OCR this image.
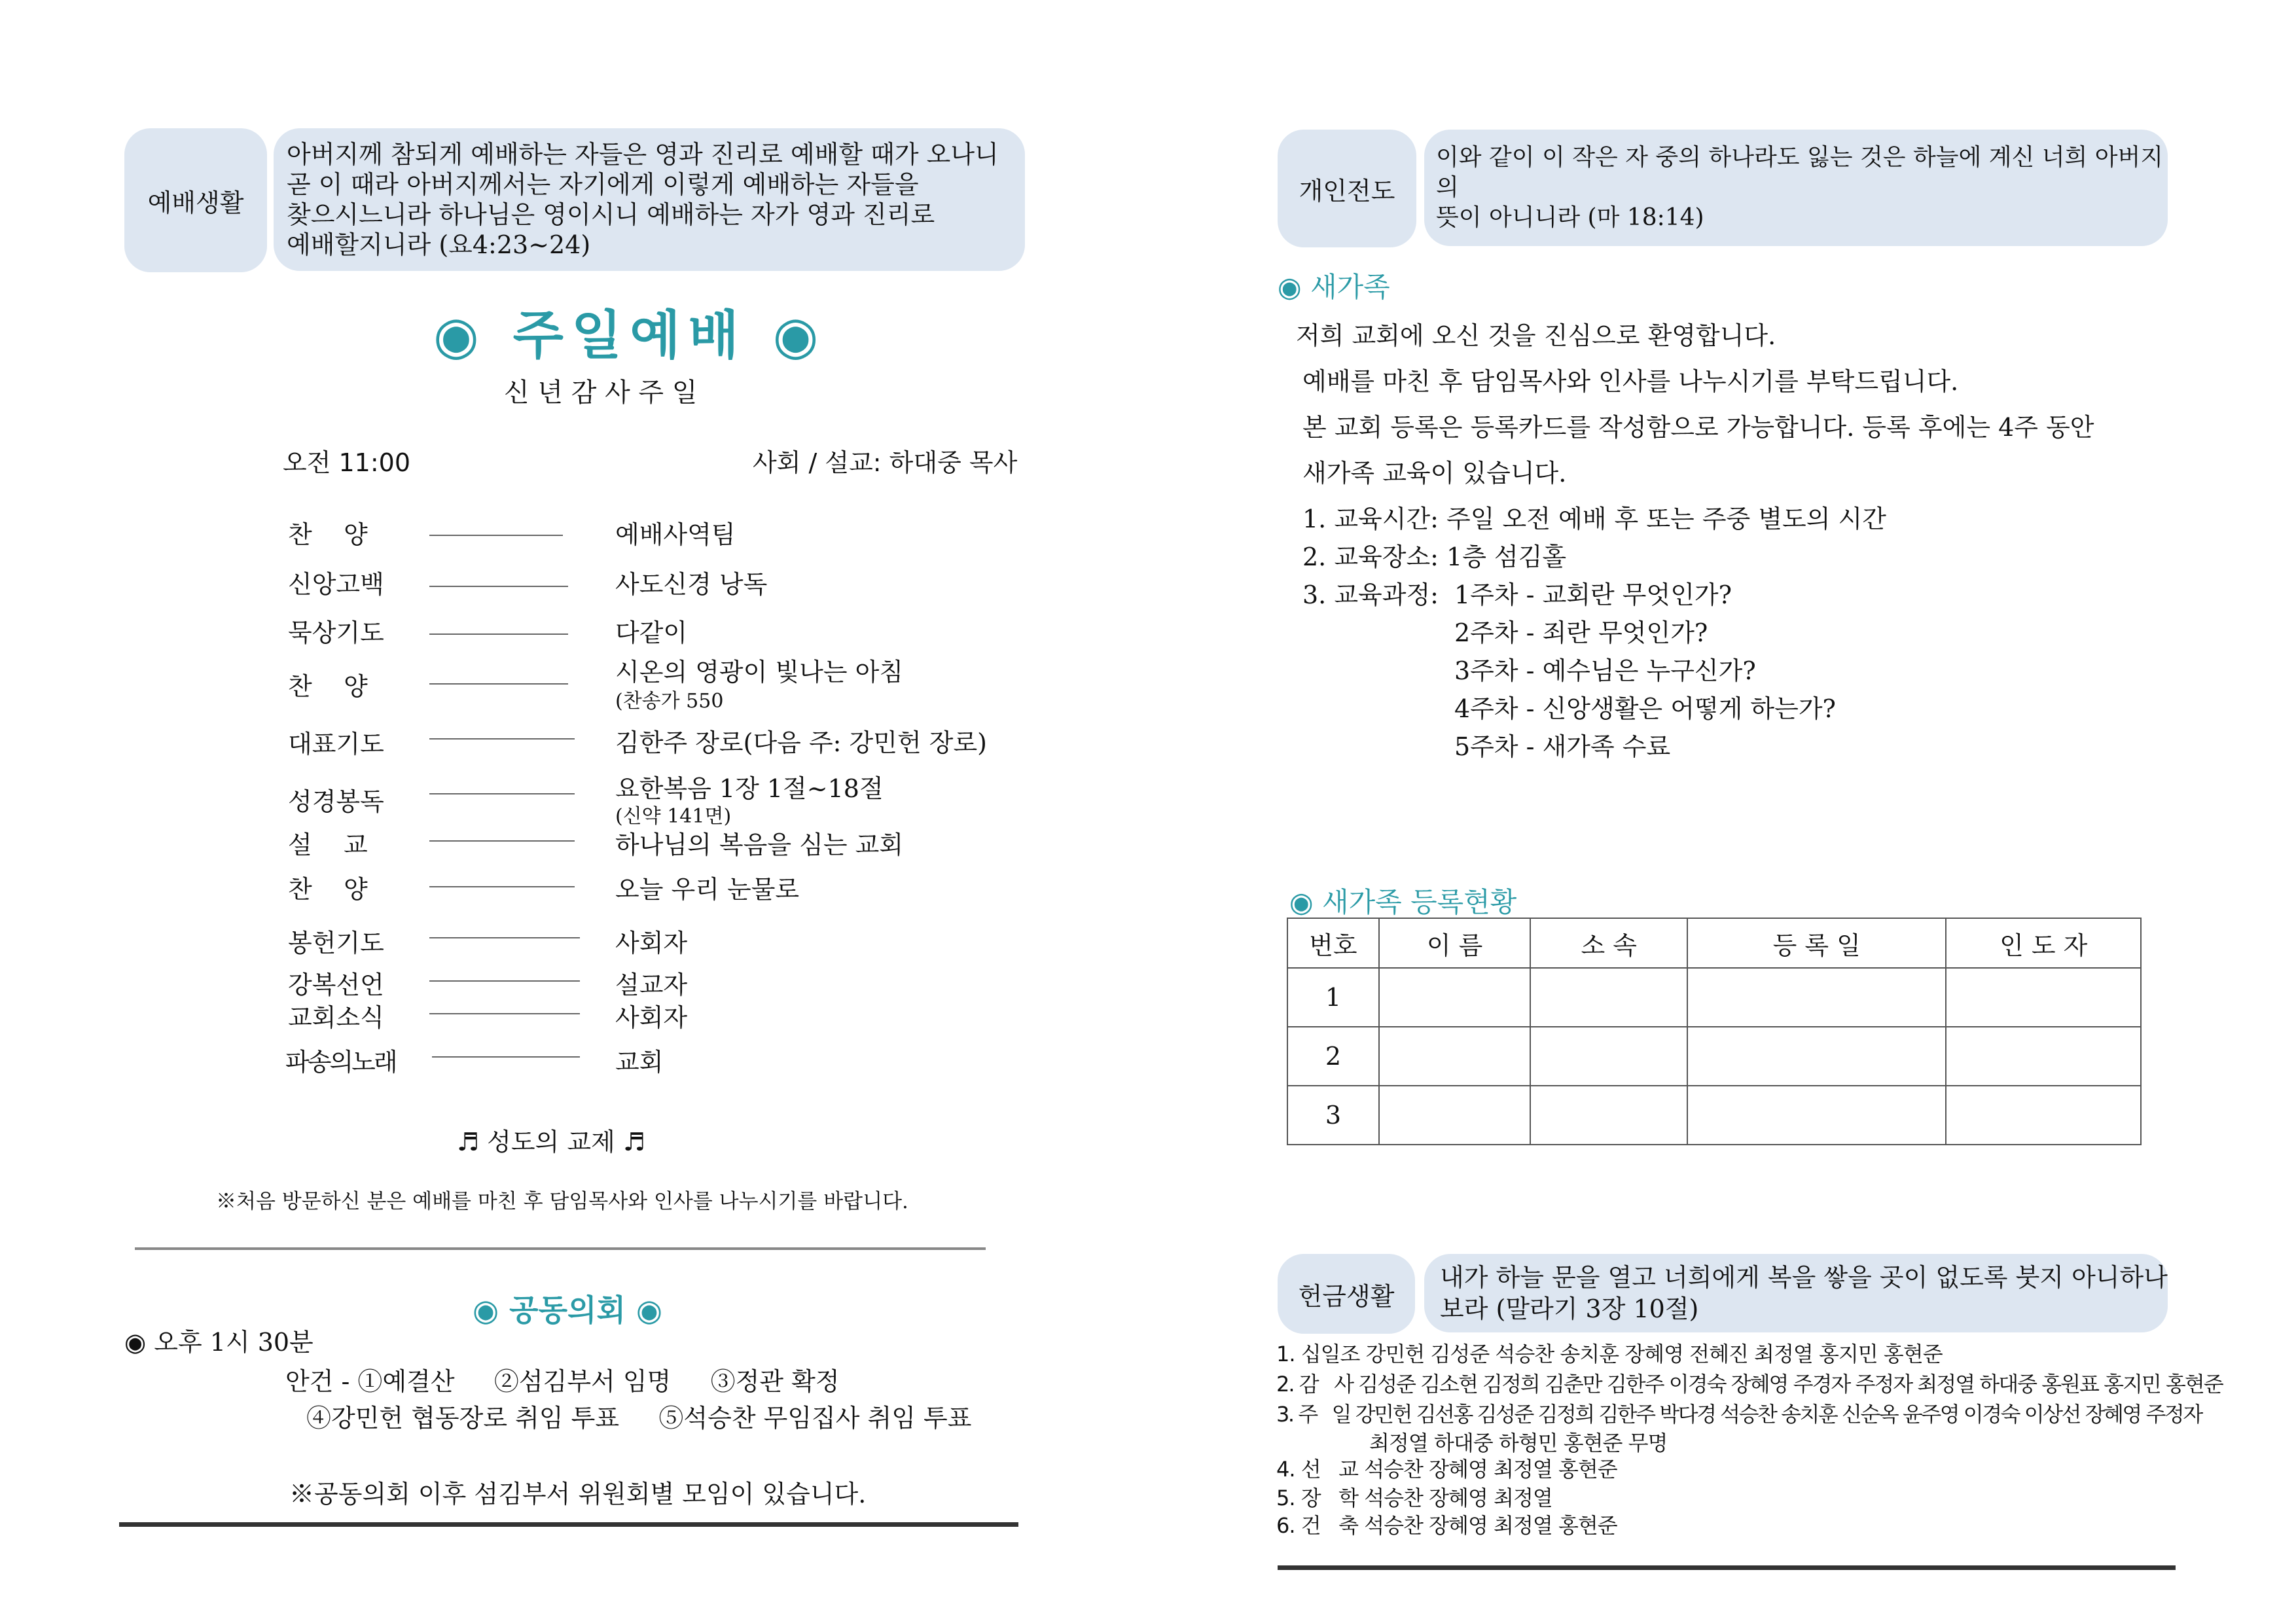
예배생활
아버지께 참되게 예배하는 자들은 영과 진리로 예배할 때가 오나니
곧 이 때라 아버지께서는 자기에게 이렇게 예배하는 자들을
찾으시느니라 하나님은 영이시니 예배하는 자가 영과 진리로
예배할지니라 (요4:23~24)
◉ 주일예배 ◉
신 년 감 사 주 일
오전 11:00	사회 / 설교: 하대중 목사
찬    양	예배사역팀
신앙고백	사도신경 낭독
묵상기도	다같이
찬    양	시온의 영광이 빛나는 아침
(찬송가 550
대표기도	김한주 장로(다음 주: 강민헌 장로)
성경봉독	요한복음 1장 1절~18절
(신약 141면)
설    교	하나님의 복음을 심는 교회
찬    양	오늘 우리 눈물로
봉헌기도	사회자
강복선언	설교자
교회소식	사회자
파송의노래	교회
♬ 성도의 교제 ♬
※처음 방문하신 분은 예배를 마친 후 담임목사와 인사를 나누시기를 바랍니다.
◉ 공동의회 ◉
◉ 오후 1시 30분
안건 - ①예결산     ②섬김부서 임명     ③정관 확정
④강민헌 협동장로 취임 투표     ⑤석승찬 무임집사 취임 투표
※공동의회 이후 섬김부서 위원회별 모임이 있습니다.
개인전도
이와 같이 이 작은 자 중의 하나라도 잃는 것은 하늘에 계신 너희 아버지의
뜻이 아니니라 (마 18:14)
◉ 새가족
저희 교회에 오신 것을 진심으로 환영합니다.
예배를 마친 후 담임목사와 인사를 나누시기를 부탁드립니다.
본 교회 등록은 등록카드를 작성함으로 가능합니다. 등록 후에는 4주 동안
새가족 교육이 있습니다.
1. 교육시간: 주일 오전 예배 후 또는 주중 별도의 시간
2. 교육장소: 1층 섬김홀
3. 교육과정: 1주차 - 교회란 무엇인가?
2주차 - 죄란 무엇인가?
3주차 - 예수님은 누구신가?
4주차 - 신앙생활은 어떻게 하는가?
5주차 - 새가족 수료
◉ 새가족 등록현황
번호	이 름	소 속	등 록 일	인 도 자
1				
2				
3				
헌금생활
내가 하늘 문을 열고 너희에게 복을 쌓을 곳이 없도록 붓지 아니하나
보라 (말라기 3장 10절)
1. 십일조 강민헌 김성준 석승찬 송치훈 장혜영 전혜진 최정열 홍지민 홍현준
2. 감   사 김성준 김소현 김정희 김춘만 김한주 이경숙 장혜영 주경자 주정자 최정열 하대중 홍원표 홍지민 홍현준
3. 주   일 강민헌 김선홍 김성준 김정희 김한주 박다경 석승찬 송치훈 신순옥 윤주영 이경숙 이상선 장혜영 주정자
최정열 하대중 하형민 홍현준 무명
4. 선   교 석승찬 장혜영 최정열 홍현준
5. 장   학 석승찬 장혜영 최정열
6. 건   축 석승찬 장혜영 최정열 홍현준
